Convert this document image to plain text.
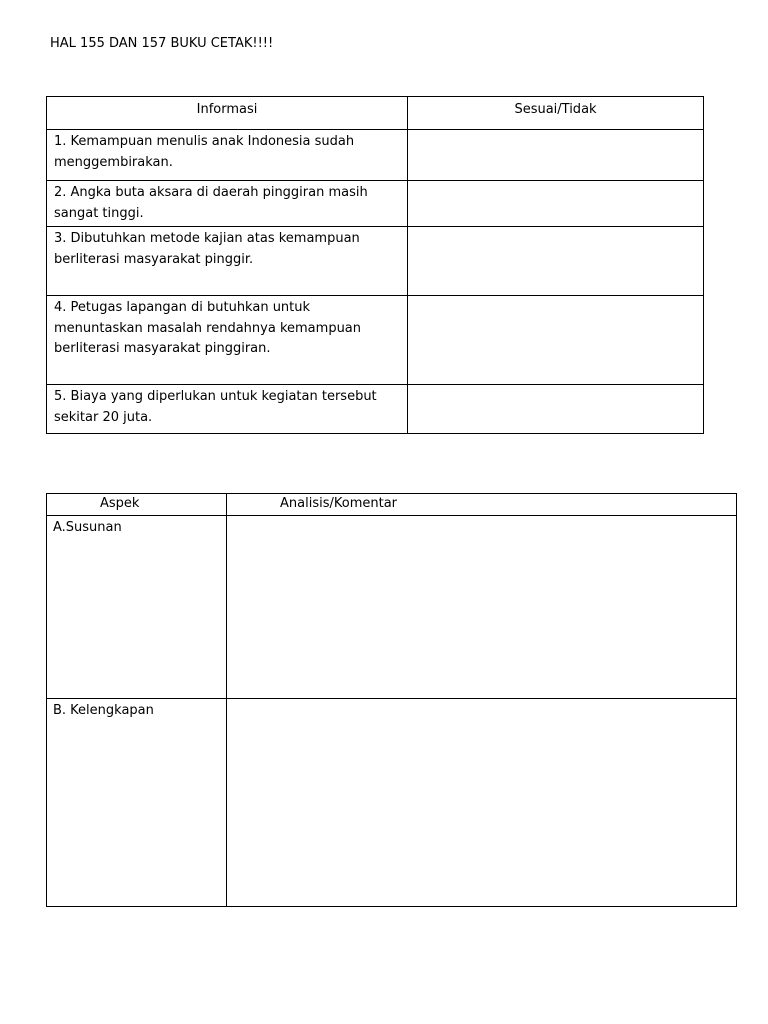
HAL 155 DAN 157 BUKU CETAK!!!!
Informasi	Sesuai/Tidak
1. Kemampuan menulis anak Indonesia sudah menggembirakan.	
2. Angka buta aksara di daerah pinggiran masih sangat tinggi.	
3. Dibutuhkan metode kajian atas kemampuan berliterasi masyarakat pinggir.	
4. Petugas lapangan di butuhkan untuk menuntaskan masalah rendahnya kemampuan berliterasi masyarakat pinggiran.	
5. Biaya yang diperlukan untuk kegiatan tersebut sekitar 20 juta.	
Aspek	Analisis/Komentar
A.Susunan	
B. Kelengkapan	
